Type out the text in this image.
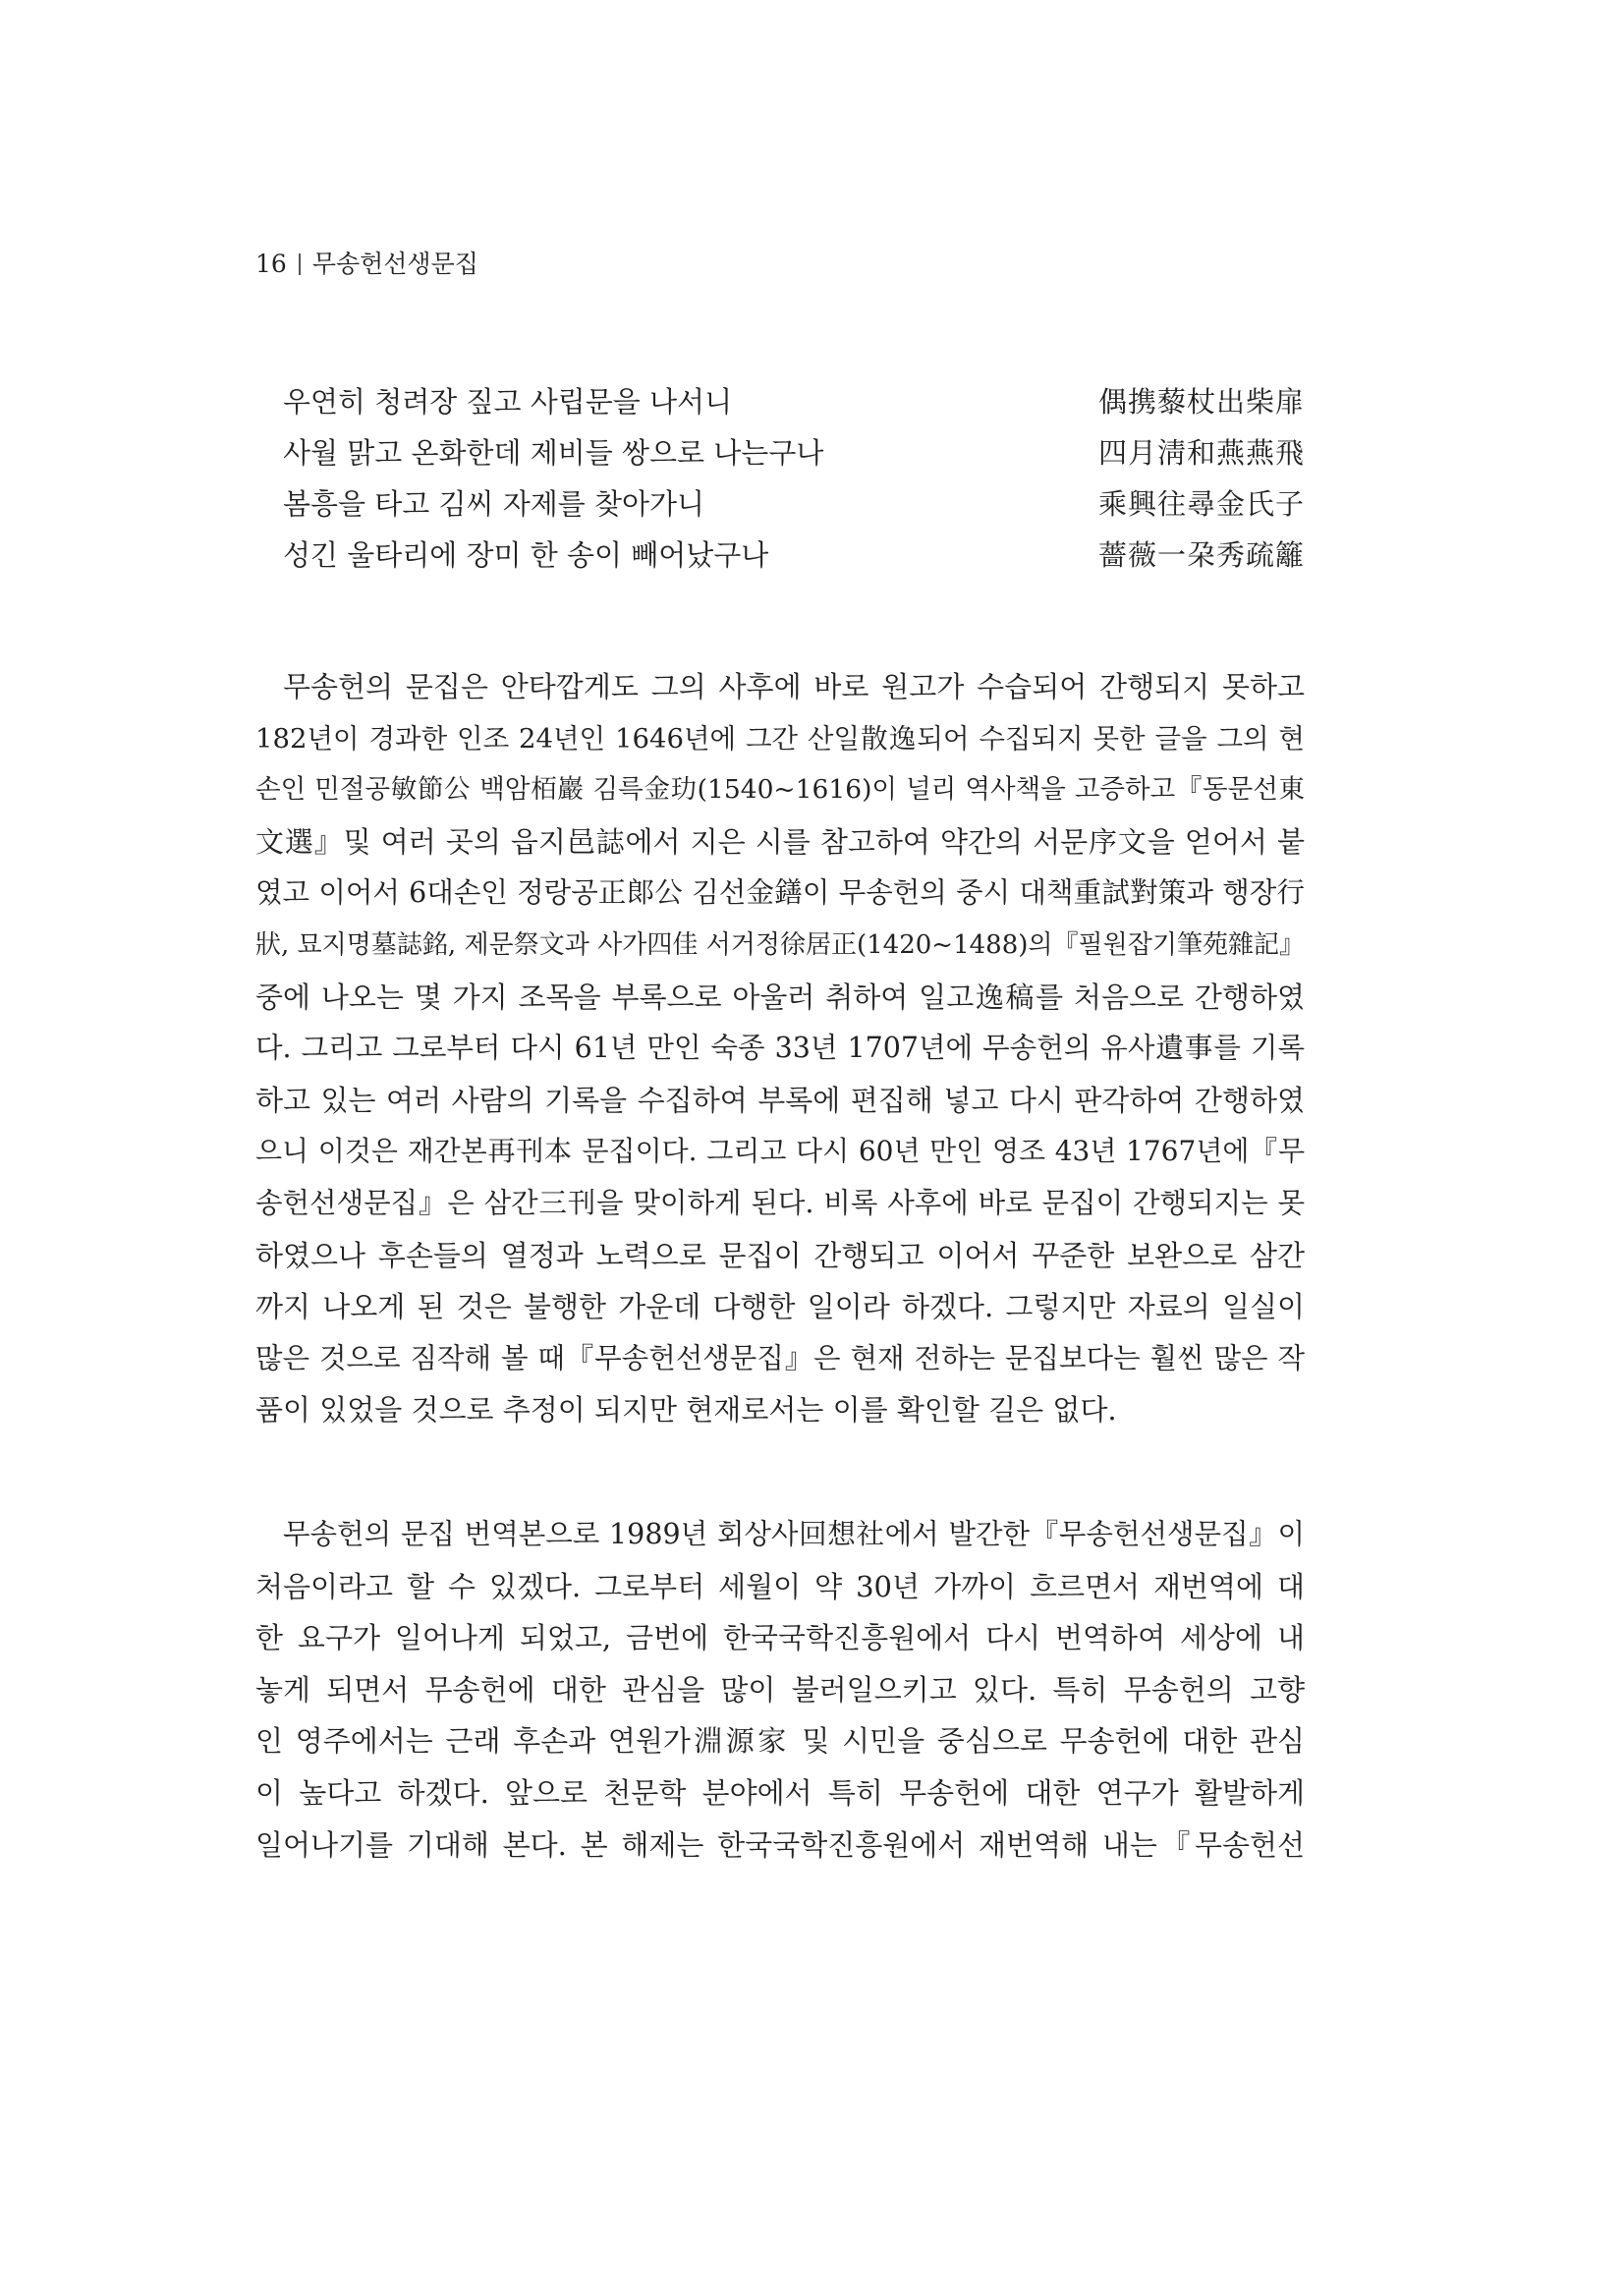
16 무송헌선생문집
우연히 청려장 짚고 사립문을 나서니	偶携藜杖出柴扉
사월 맑고 온화한데 제비들 쌍으로 나는구나	四月淸和燕燕飛
봄흥을 타고 김씨 자제를 찾아가니	乘興往尋金氏子
성긴 울타리에 장미 한 송이 빼어났구나	薔薇一朶秀疏籬
무송헌의 문집은 안타깝게도 그의 사후에 바로 원고가 수습되어 간행되지 못하고
182년이 경과한 인조 24년인 1646년에 그간 산일散逸되어 수집되지 못한 글을 그의 현
손인 민절공敏節公 백암栢巖 김륵金玏(1540~1616)이 널리 역사책을 고증하고『동문선東
文選』및 여러 곳의 읍지邑誌에서 지은 시를 참고하여 약간의 서문序文을 얻어서 붙
였고 이어서 6대손인 정랑공正郞公 김선金鐥이 무송헌의 중시 대책重試對策과 행장行
狀, 묘지명墓誌銘, 제문祭文과 사가四佳 서거정徐居正(1420~1488)의『필원잡기筆苑雜記』
중에 나오는 몇 가지 조목을 부록으로 아울러 취하여 일고逸稿를 처음으로 간행하였
다. 그리고 그로부터 다시 61년 만인 숙종 33년 1707년에 무송헌의 유사遺事를 기록
하고 있는 여러 사람의 기록을 수집하여 부록에 편집해 넣고 다시 판각하여 간행하였
으니 이것은 재간본再刊本 문집이다. 그리고 다시 60년 만인 영조 43년 1767년에『무
송헌선생문집』은 삼간三刊을 맞이하게 된다. 비록 사후에 바로 문집이 간행되지는 못
하였으나 후손들의 열정과 노력으로 문집이 간행되고 이어서 꾸준한 보완으로 삼간
까지 나오게 된 것은 불행한 가운데 다행한 일이라 하겠다. 그렇지만 자료의 일실이
많은 것으로 짐작해 볼 때『무송헌선생문집』은 현재 전하는 문집보다는 훨씬 많은 작
품이 있었을 것으로 추정이 되지만 현재로서는 이를 확인할 길은 없다.
무송헌의 문집 번역본으로 1989년 회상사回想社에서 발간한『무송헌선생문집』이
처음이라고 할 수 있겠다. 그로부터 세월이 약 30년 가까이 흐르면서 재번역에 대
한 요구가 일어나게 되었고, 금번에 한국국학진흥원에서 다시 번역하여 세상에 내
놓게 되면서 무송헌에 대한 관심을 많이 불러일으키고 있다. 특히 무송헌의 고향
인 영주에서는 근래 후손과 연원가淵源家 및 시민을 중심으로 무송헌에 대한 관심
이 높다고 하겠다. 앞으로 천문학 분야에서 특히 무송헌에 대한 연구가 활발하게
일어나기를 기대해 본다. 본 해제는 한국국학진흥원에서 재번역해 내는『무송헌선
